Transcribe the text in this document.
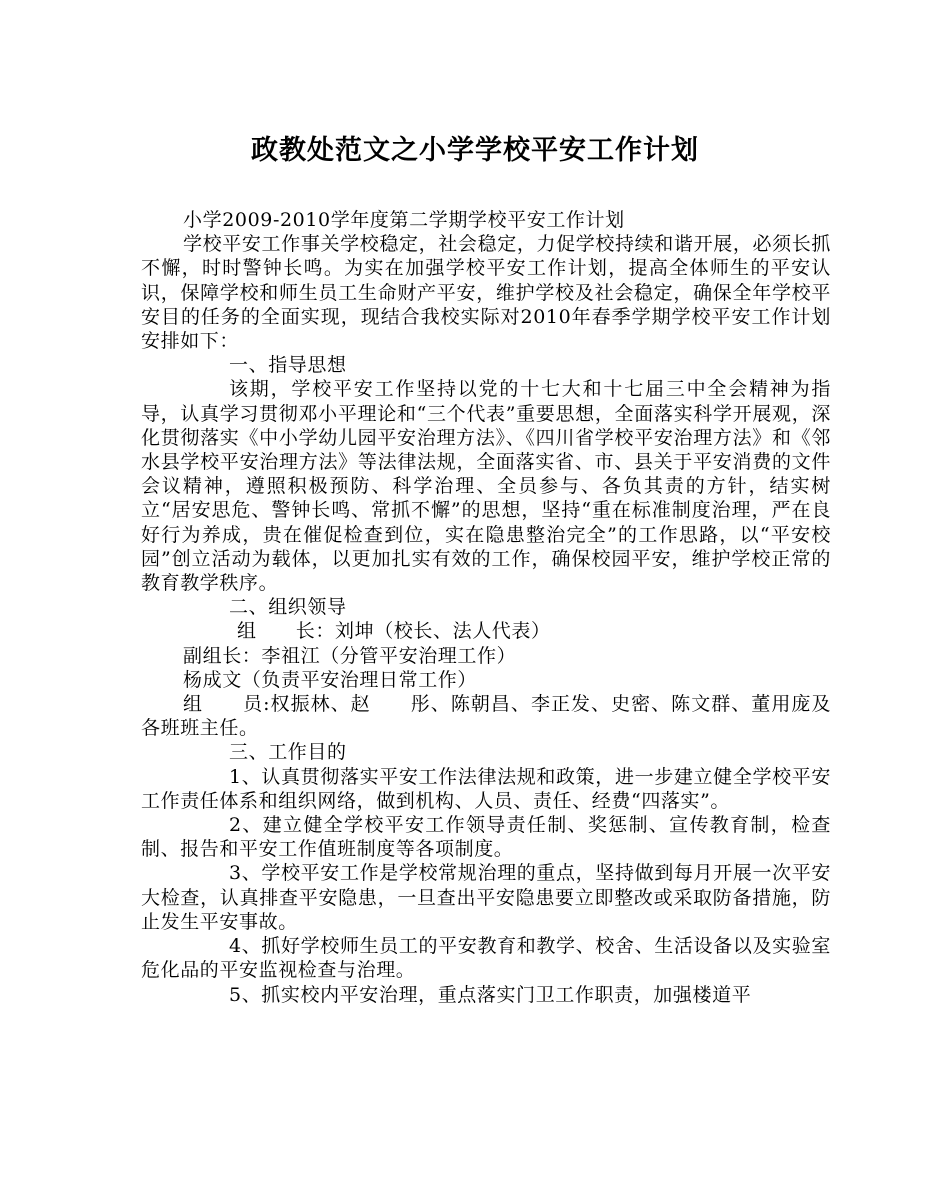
政教处范文之小学学校平安工作计划

小学2009-2010学年度第二学期学校平安工作计划

学校平安工作事关学校稳定，社会稳定，力促学校持续和谐开展，必须长抓不懈，时时警钟长鸣。为实在加强学校平安工作计划，提高全体师生的平安认识，保障学校和师生员工生命财产平安，维护学校及社会稳定，确保全年学校平安目的任务的全面实现，现结合我校实际对2010年春季学期学校平安工作计划安排如下：

一、指导思想

该期，学校平安工作坚持以党的十七大和十七届三中全会精神为指导，认真学习贯彻邓小平理论和“三个代表”重要思想，全面落实科学开展观，深化贯彻落实《中小学幼儿园平安治理方法》、《四川省学校平安治理方法》和《邻水县学校平安治理方法》等法律法规，全面落实省、市、县关于平安消费的文件会议精神，遵照积极预防、科学治理、全员参与、各负其责的方针，结实树立“居安思危、警钟长鸣、常抓不懈”的思想，坚持“重在标准制度治理，严在良好行为养成，贵在催促检查到位，实在隐患整治完全”的工作思路，以“平安校园”创立活动为载体，以更加扎实有效的工作，确保校园平安，维护学校正常的教育教学秩序。

二、组织领导

组　　长：刘坤（校长、法人代表）

副组长：李祖江（分管平安治理工作）

杨成文（负责平安治理日常工作）

组　　员:权振林、赵　　彤、陈朝昌、李正发、史密、陈文群、董用庞及各班班主任。

三、工作目的

1、认真贯彻落实平安工作法律法规和政策，进一步建立健全学校平安工作责任体系和组织网络，做到机构、人员、责任、经费“四落实”。

2、建立健全学校平安工作领导责任制、奖惩制、宣传教育制，检查制、报告和平安工作值班制度等各项制度。

3、学校平安工作是学校常规治理的重点，坚持做到每月开展一次平安大检查，认真排查平安隐患，一旦查出平安隐患要立即整改或采取防备措施，防止发生平安事故。

4、抓好学校师生员工的平安教育和教学、校舍、生活设备以及实验室危化品的平安监视检查与治理。

5、抓实校内平安治理，重点落实门卫工作职责，加强楼道平
